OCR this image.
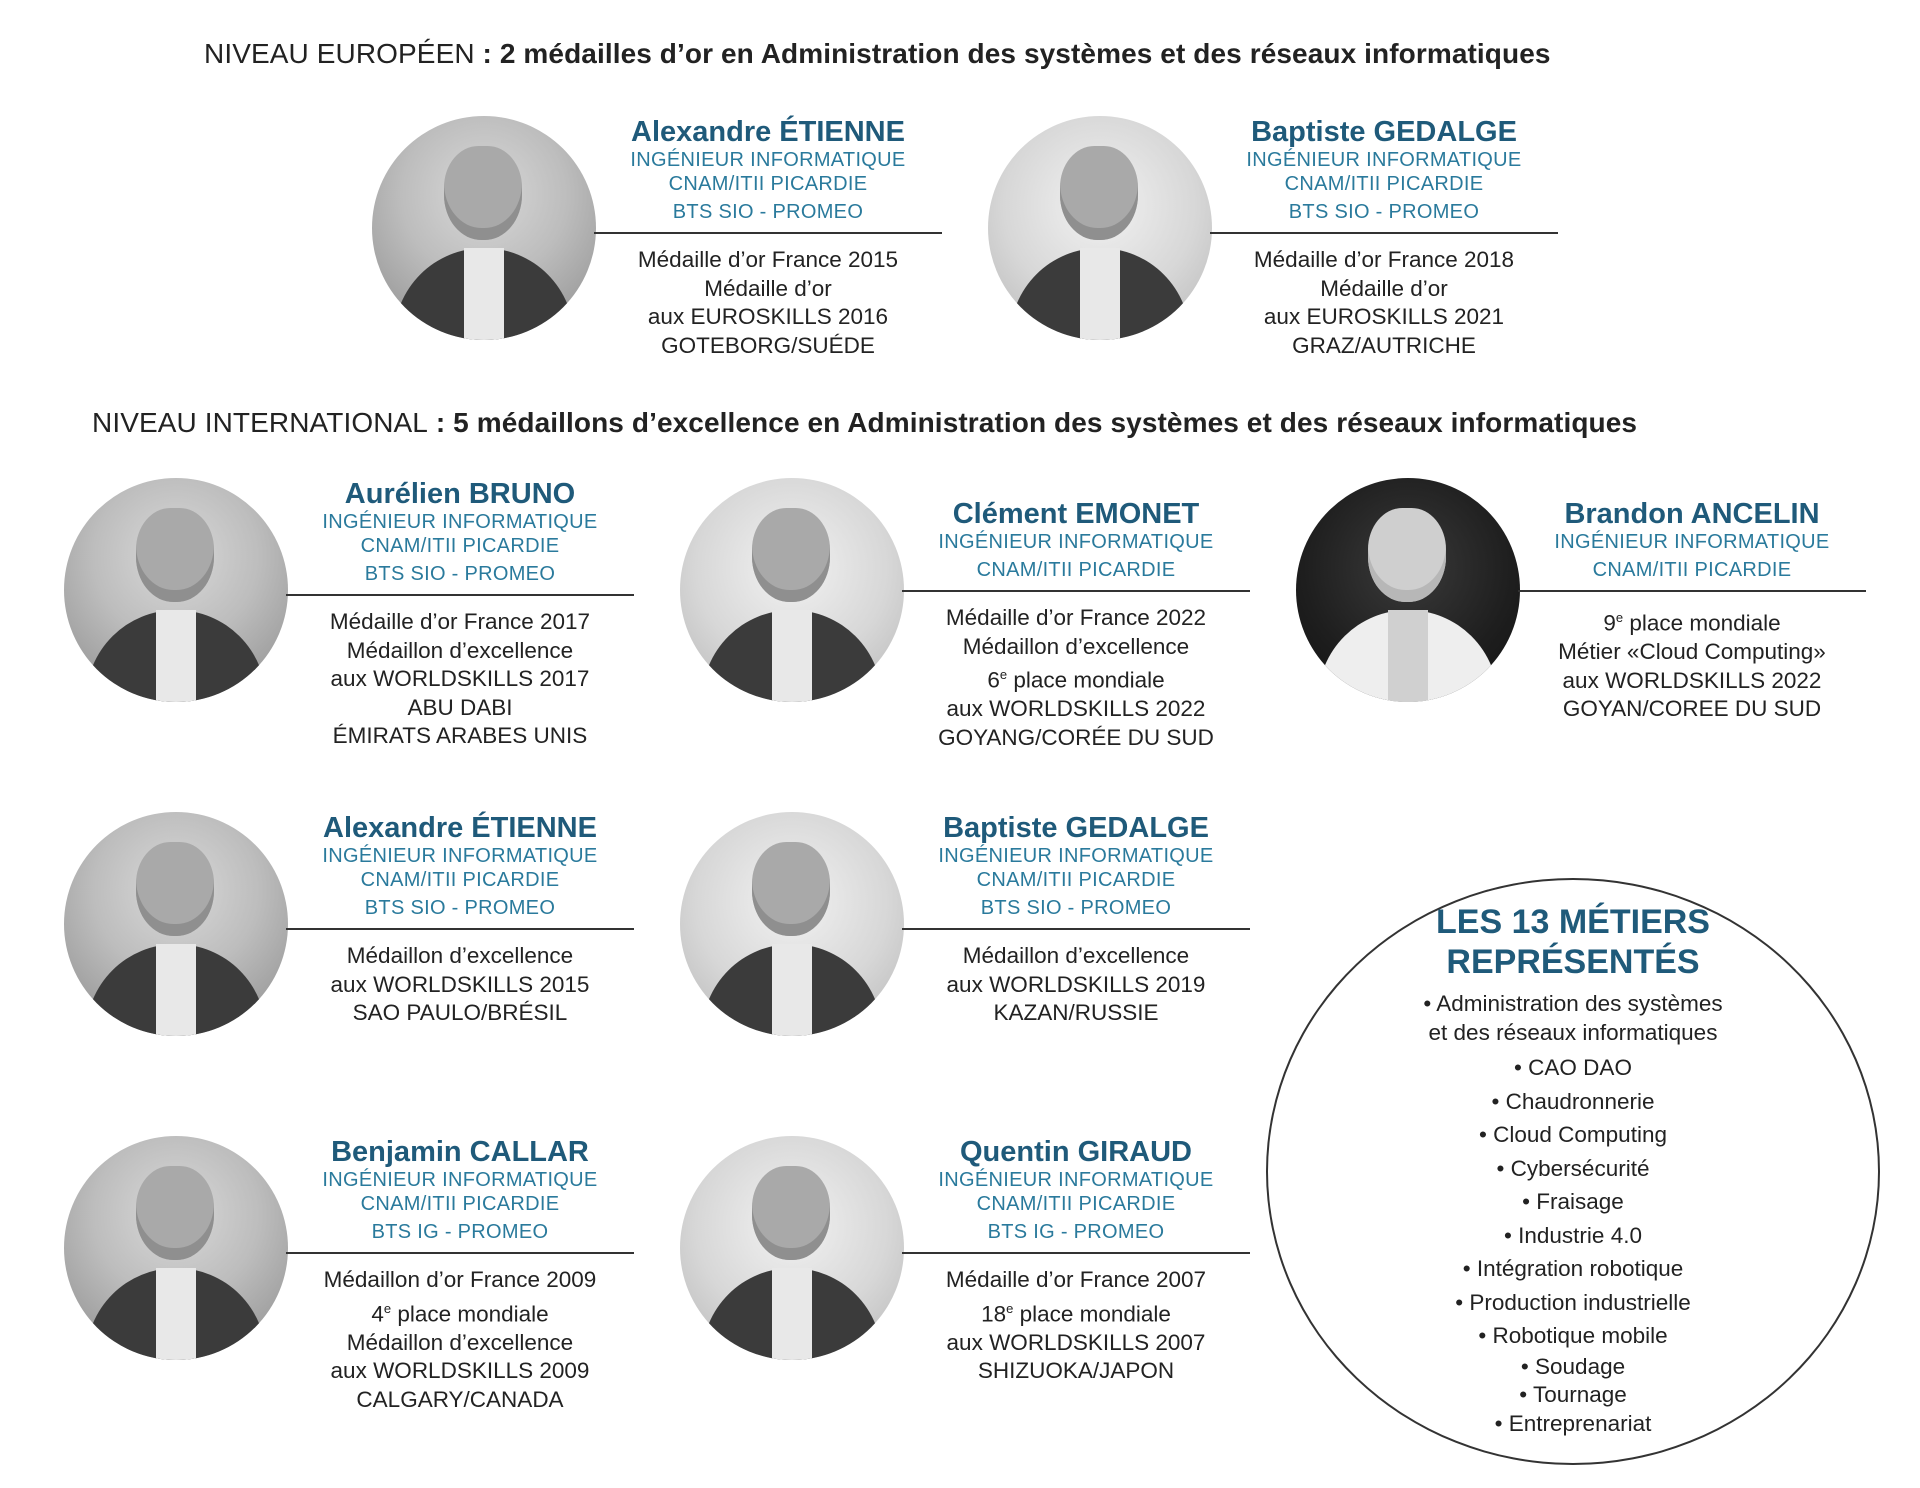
NIVEAU EUROPÉEN : 2 médailles d’or en Administration des systèmes et des réseaux informatiques
Alexandre ÉTIENNE
INGÉNIEUR INFORMATIQUE
CNAM/ITII PICARDIE
BTS SIO - PROMEO
Médaille d’or France 2015
Médaille d’or
aux EUROSKILLS 2016
GOTEBORG/SUÉDE
Baptiste GEDALGE
INGÉNIEUR INFORMATIQUE
CNAM/ITII PICARDIE
BTS SIO - PROMEO
Médaille d’or France 2018
Médaille d’or
aux EUROSKILLS 2021
GRAZ/AUTRICHE
NIVEAU INTERNATIONAL : 5 médaillons d’excellence en Administration des systèmes et des réseaux informatiques
Aurélien BRUNO
INGÉNIEUR INFORMATIQUE
CNAM/ITII PICARDIE
BTS SIO - PROMEO
Médaille d’or France 2017
Médaillon d’excellence
aux WORLDSKILLS 2017
ABU DABI
ÉMIRATS ARABES UNIS
Clément EMONET
INGÉNIEUR INFORMATIQUE
CNAM/ITII PICARDIE
Médaille d’or France 2022
Médaillon d’excellence
6e place mondiale
aux WORLDSKILLS 2022
GOYANG/CORÉE DU SUD
Brandon ANCELIN
INGÉNIEUR INFORMATIQUE
CNAM/ITII PICARDIE
9e place mondiale
Métier «Cloud Computing»
aux WORLDSKILLS 2022
GOYAN/COREE DU SUD
Alexandre ÉTIENNE
INGÉNIEUR INFORMATIQUE
CNAM/ITII PICARDIE
BTS SIO - PROMEO
Médaillon d’excellence
aux WORLDSKILLS 2015
SAO PAULO/BRÉSIL
Baptiste GEDALGE
INGÉNIEUR INFORMATIQUE
CNAM/ITII PICARDIE
BTS SIO - PROMEO
Médaillon d’excellence
aux WORLDSKILLS 2019
KAZAN/RUSSIE
Benjamin CALLAR
INGÉNIEUR INFORMATIQUE
CNAM/ITII PICARDIE
BTS IG - PROMEO
Médaillon d’or France 2009
4e place mondiale
Médaillon d’excellence
aux WORLDSKILLS 2009
CALGARY/CANADA
Quentin GIRAUD
INGÉNIEUR INFORMATIQUE
CNAM/ITII PICARDIE
BTS IG - PROMEO
Médaille d’or France 2007
18e place mondiale
aux WORLDSKILLS 2007
SHIZUOKA/JAPON
LES 13 MÉTIERS
REPRÉSENTÉS
• Administration des systèmes
et des réseaux informatiques
• CAO DAO
• Chaudronnerie
• Cloud Computing
• Cybersécurité
• Fraisage
• Industrie 4.0
• Intégration robotique
• Production industrielle
• Robotique mobile
• Soudage
• Tournage
• Entreprenariat
